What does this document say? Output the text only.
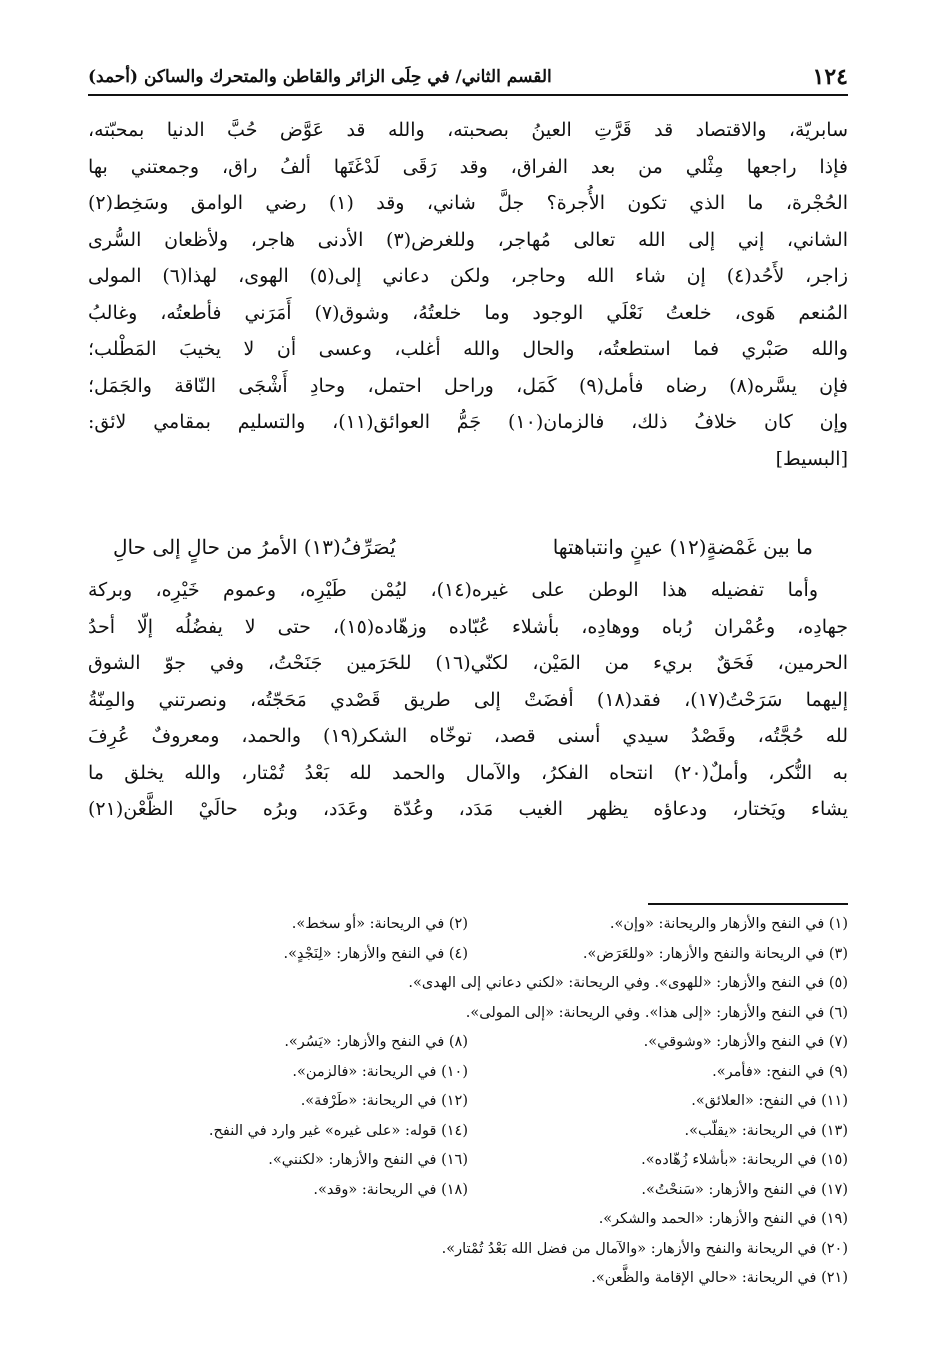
١٢٤
القسم الثاني/ في حِلَى الزائر والقاطن والمتحرك والساكن (أحمد)
سابريّة، والاقتصاد قد قَرَّتِ العينُ بصحبته، والله قد عَوَّض حُبَّ الدنيا بمحبّته،
فإذا راجعها مِثْلي من بعد الفراق، وقد رَقَى لَدْغَتَها ألفُ راق، وجمعتني بها
الحُجْرة، ما الذي تكون الأُجرة؟ جلَّ شاني، وقد (١) رضي الوامق وسَخِط(٢)
الشاني، إني إلى الله تعالى مُهاجر، وللغرض(٣) الأدنى هاجر، ولأظعان السُّرى
زاجر، لأَحُد(٤) إن شاء الله وحاجر، ولكن دعاني إلى(٥) الهوى، لهذا(٦) المولى
المُنعم هَوى، خلعتُ نَعْلَي الوجود وما خلعتُهُ، وشوق(٧) أَمَرَني فأطعتُه، وغالبُ
والله صَبْري فما استطعتُه، والحال والله أغلب، وعسى أن لا يخيبَ المَطْلب؛
فإن يسَّره(٨) رضاه فأمل(٩) كَمَل، وراحل احتمل، وحادِ أَشْجَى النّاقة والجَمَل؛
وإن كان خلافُ ذلك، فالزمان(١٠) جَمُّ العوائق(١١)، والتسليم بمقامي لائق:
[البسيط]
ما بين غَمْضةٍ(١٢) عينٍ وانتباهتها
يُصَرِّفُ(١٣) الأمرُ من حالٍ إلى حالِ
وأما تفضيله هذا الوطن على غيره(١٤)، ليُمْن طَيْرِه، وعموم خَيْرِه، وبركة
جهادِه، وعُمْران رُباه ووهادِه، بأشلاء عُبّاده وزهّاده(١٥)، حتى لا يفضُلُه إلّا أحدُ
الحرمين، فَحَقٌ بريء من المَيْن، لكنّي(١٦) للحَرَمين جَنَحْتُ، وفي جوّ الشوق
إليهما سَرَحْتُ(١٧)، فقد(١٨) أفضَتْ إلى طريق قَصْدي مَحَجّتُه، ونصرتني والمِنّةُ
لله حُجَّتُه، وقَصْدُ سيدي أسنى قصد، توخّاه الشكر(١٩) والحمد، ومعروفٌ عُرِفَ
به النُّكر، وأملٌ(٢٠) انتحاه الفكرُ، والآمال والحمد لله بَعْدُ تُمْتار، والله يخلق ما
يشاء ويَختار، ودعاؤه يظهر الغيب مَدَد، وعُدّة وعَدَد، وبرُه حالَيْ الظَّعْن(٢١)
(١) في النفح والأزهار والريحانة: «وإن».
(٢) في الريحانة: «أو سخط».
(٣) في الريحانة والنفح والأزهار: «وللعَرَض».
(٤) في النفح والأزهار: «لِنَجْدٍ».
(٥) في النفح والأزهار: «للهوى». وفي الريحانة: «لكني دعاني إلى الهدى».
(٦) في النفح والأزهار: «إلى هذا». وفي الريحانة: «إلى المولى».
(٧) في النفح والأزهار: «وشوقي».
(٨) في النفح والأزهار: «يَسُر».
(٩) في النفح: «فأمر».
(١٠) في الريحانة: «فالزمن».
(١١) في النفح: «العلائق».
(١٢) في الريحانة: «طَرْفة».
(١٣) في الريحانة: «يقلّب».
(١٤) قوله: «على غيره» غير وارد في النفح.
(١٥) في الريحانة: «بأشلاء زُهّاده».
(١٦) في النفح والأزهار: «لكنني».
(١٧) في النفح والأزهار: «سَنحْتُ».
(١٨) في الريحانة: «وقد».
(١٩) في النفح والأزهار: «الحمد والشكر».
(٢٠) في الريحانة والنفح والأزهار: «والآمال من فضل الله بَعْدُ تُمْتار».
(٢١) في الريحانة: «حالي الإقامة والظَّعن».
